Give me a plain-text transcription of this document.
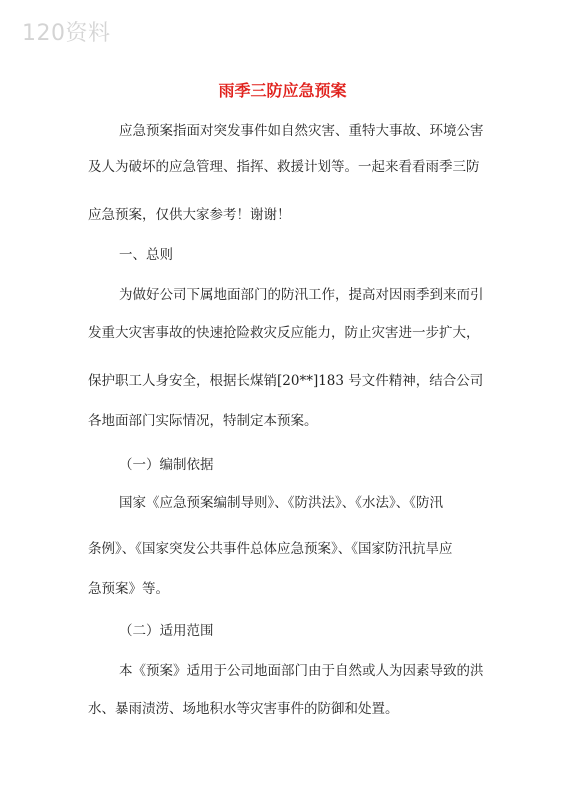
120资料
雨季三防应急预案
应急预案指面对突发事件如自然灾害、重特大事故、环境公害
及人为破坏的应急管理、指挥、救援计划等。一起来看看雨季三防
应急预案，仅供大家参考！谢谢！
一、总则
为做好公司下属地面部门的防汛工作，提高对因雨季到来而引
发重大灾害事故的快速抢险救灾反应能力，防止灾害进一步扩大，
保护职工人身安全，根据长煤销[20**]183 号文件精神，结合公司
各地面部门实际情况，特制定本预案。
（一）编制依据
国家《应急预案编制导则》、《防洪法》、《水法》、《防汛
条例》、《国家突发公共事件总体应急预案》、《国家防汛抗旱应
急预案》等。
（二）适用范围
本《预案》适用于公司地面部门由于自然或人为因素导致的洪
水、暴雨渍涝、场地积水等灾害事件的防御和处置。
